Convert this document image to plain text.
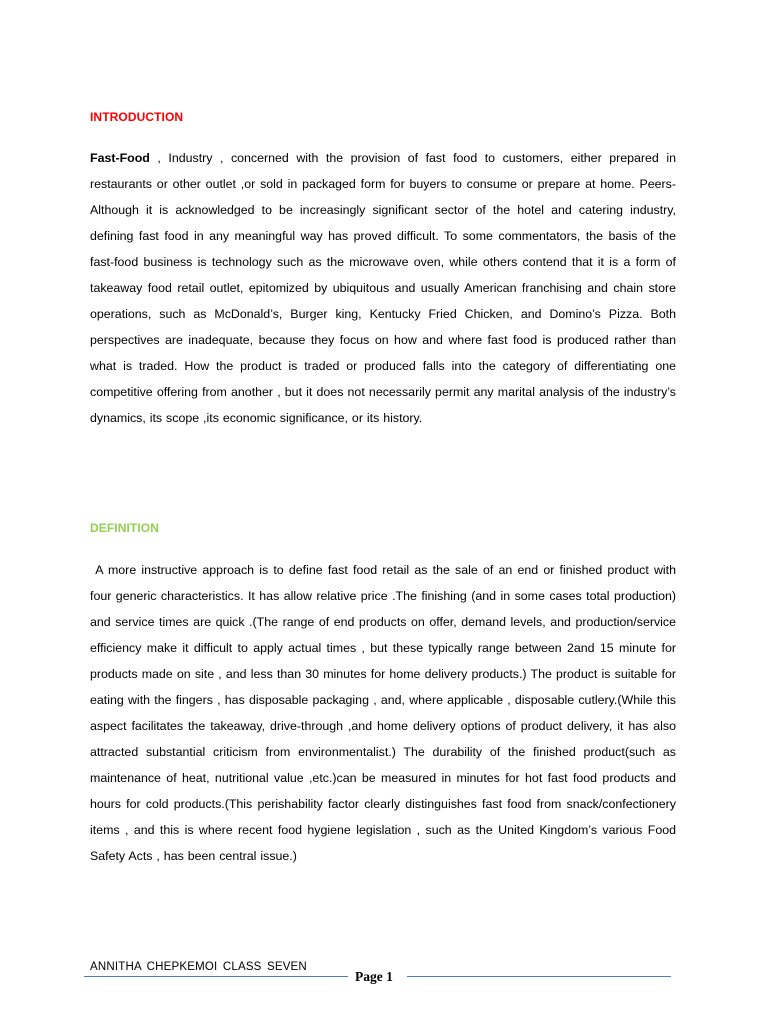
INTRODUCTION
Fast-Food , Industry , concerned with the provision of fast food to customers, either prepared in restaurants or other outlet ,or sold in packaged form for buyers to consume or prepare at home. Peers-Although it is acknowledged to be increasingly significant sector of the hotel and catering industry, defining fast food in any meaningful way has proved difficult. To some commentators, the basis of the fast-food business is technology such as the microwave oven, while others contend that it is a form of takeaway food retail outlet, epitomized by ubiquitous and usually American franchising and chain store operations, such as McDonald’s, Burger king, Kentucky Fried Chicken, and Domino’s Pizza. Both perspectives are inadequate, because they focus on how and where fast food is produced rather than what is traded. How the product is traded or produced falls into the category of differentiating one competitive offering from another , but it does not necessarily permit any marital analysis of the industry’s dynamics, its scope ,its economic significance, or its history.
DEFINITION
A more instructive approach is to define fast food retail as the sale of an end or finished product with four generic characteristics. It has allow relative price .The finishing (and in some cases total production) and service times are quick .(The range of end products on offer, demand levels, and production/service efficiency make it difficult to apply actual times , but these typically range between 2and 15 minute for products made on site , and less than 30 minutes for home delivery products.) The product is suitable for eating with the fingers , has disposable packaging , and, where applicable , disposable cutlery.(While this aspect facilitates the takeaway, drive-through ,and home delivery options of product delivery, it has also attracted substantial criticism from environmentalist.) The durability of the finished product(such as maintenance of heat, nutritional value ,etc.)can be measured in minutes for hot fast food products and hours for cold products.(This perishability factor clearly distinguishes fast food from snack/confectionery items , and this is where recent food hygiene legislation , such as the United Kingdom’s various Food Safety Acts , has been central issue.)
ANNITHA CHEPKEMOI CLASS SEVEN
Page 1
